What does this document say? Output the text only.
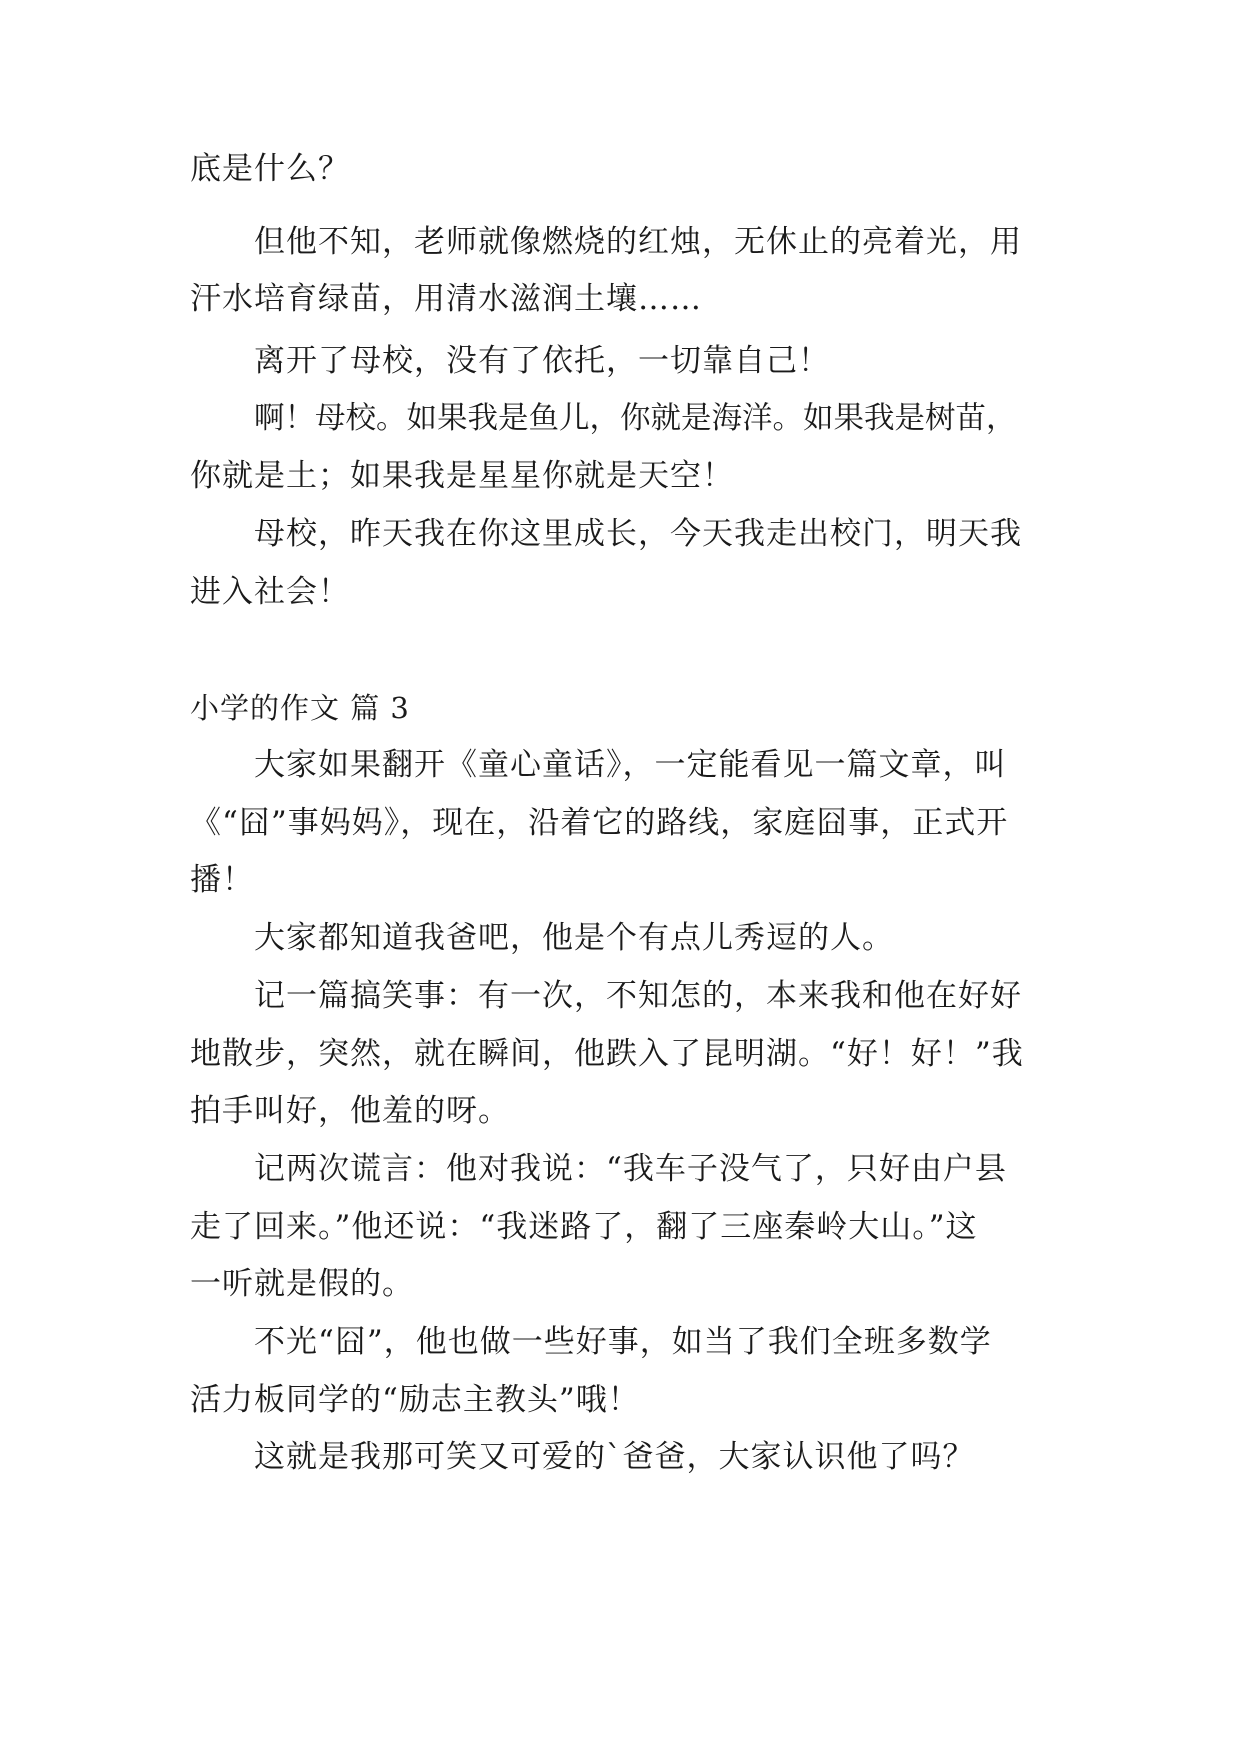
底是什么？
但他不知，老师就像燃烧的红烛，无休止的亮着光，用
汗水培育绿苗，用清水滋润土壤……
离开了母校，没有了依托，一切靠自己！
啊！母校。如果我是鱼儿，你就是海洋。如果我是树苗，
你就是土；如果我是星星你就是天空！
母校，昨天我在你这里成长，今天我走出校门，明天我
进入社会！
小学的作文 篇 3
大家如果翻开《童心童话》，一定能看见一篇文章，叫
《“囧”事妈妈》，现在，沿着它的路线，家庭囧事，正式开
播！
大家都知道我爸吧，他是个有点儿秀逗的人。
记一篇搞笑事：有一次，不知怎的，本来我和他在好好
地散步，突然，就在瞬间，他跌入了昆明湖。“好！好！”我
拍手叫好，他羞的呀。
记两次谎言：他对我说：“我车子没气了，只好由户县
走了回来。”他还说：“我迷路了，翻了三座秦岭大山。”这
一听就是假的。
不光“囧”，他也做一些好事，如当了我们全班多数学
活力板同学的“励志主教头”哦！
这就是我那可笑又可爱的`爸爸，大家认识他了吗？
